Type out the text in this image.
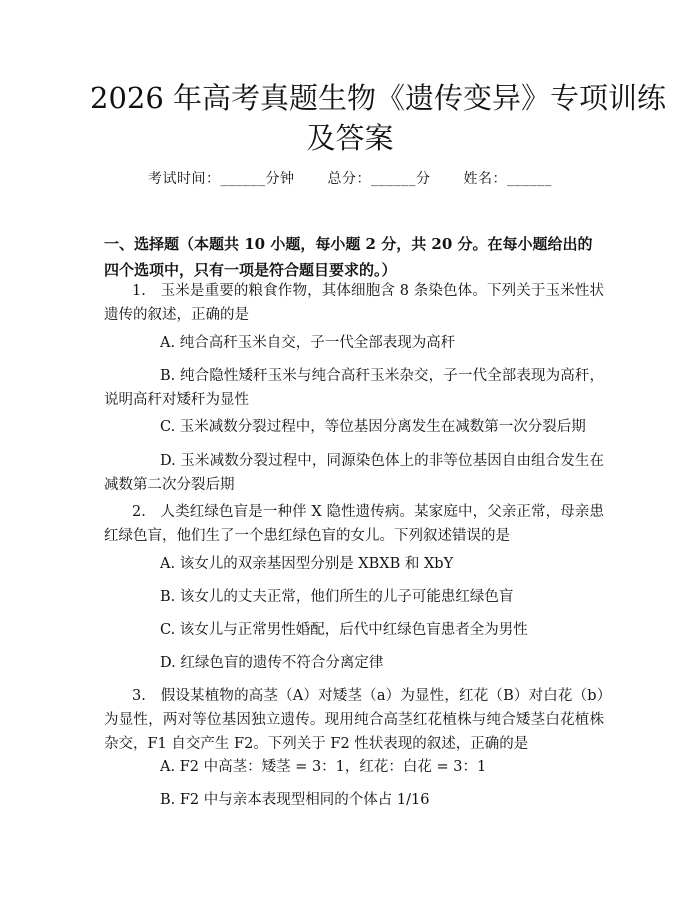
2026 年高考真题生物《遗传变异》专项训练
及答案
考试时间：______分钟 总分：______分 姓名：______
一、选择题（本题共 10 小题，每小题 2 分，共 20 分。在每小题给出的四个选项中，只有一项是符合题目要求的。）
1.　玉米是重要的粮食作物，其体细胞含 8 条染色体。下列关于玉米性状遗传的叙述，正确的是
A. 纯合高秆玉米自交，子一代全部表现为高秆
B. 纯合隐性矮秆玉米与纯合高秆玉米杂交，子一代全部表现为高秆，说明高秆对矮秆为显性
C. 玉米减数分裂过程中，等位基因分离发生在减数第一次分裂后期
D. 玉米减数分裂过程中，同源染色体上的非等位基因自由组合发生在减数第二次分裂后期
2.　人类红绿色盲是一种伴 X 隐性遗传病。某家庭中，父亲正常，母亲患红绿色盲，他们生了一个患红绿色盲的女儿。下列叙述错误的是
A. 该女儿的双亲基因型分别是 XBXB 和 XbY
B. 该女儿的丈夫正常，他们所生的儿子可能患红绿色盲
C. 该女儿与正常男性婚配，后代中红绿色盲患者全为男性
D. 红绿色盲的遗传不符合分离定律
3.　假设某植物的高茎（A）对矮茎（a）为显性，红花（B）对白花（b）为显性，两对等位基因独立遗传。现用纯合高茎红花植株与纯合矮茎白花植株杂交，F1 自交产生 F2。下列关于 F2 性状表现的叙述，正确的是
A. F2 中高茎：矮茎 = 3：1，红花：白花 = 3：1
B. F2 中与亲本表现型相同的个体占 1/16
